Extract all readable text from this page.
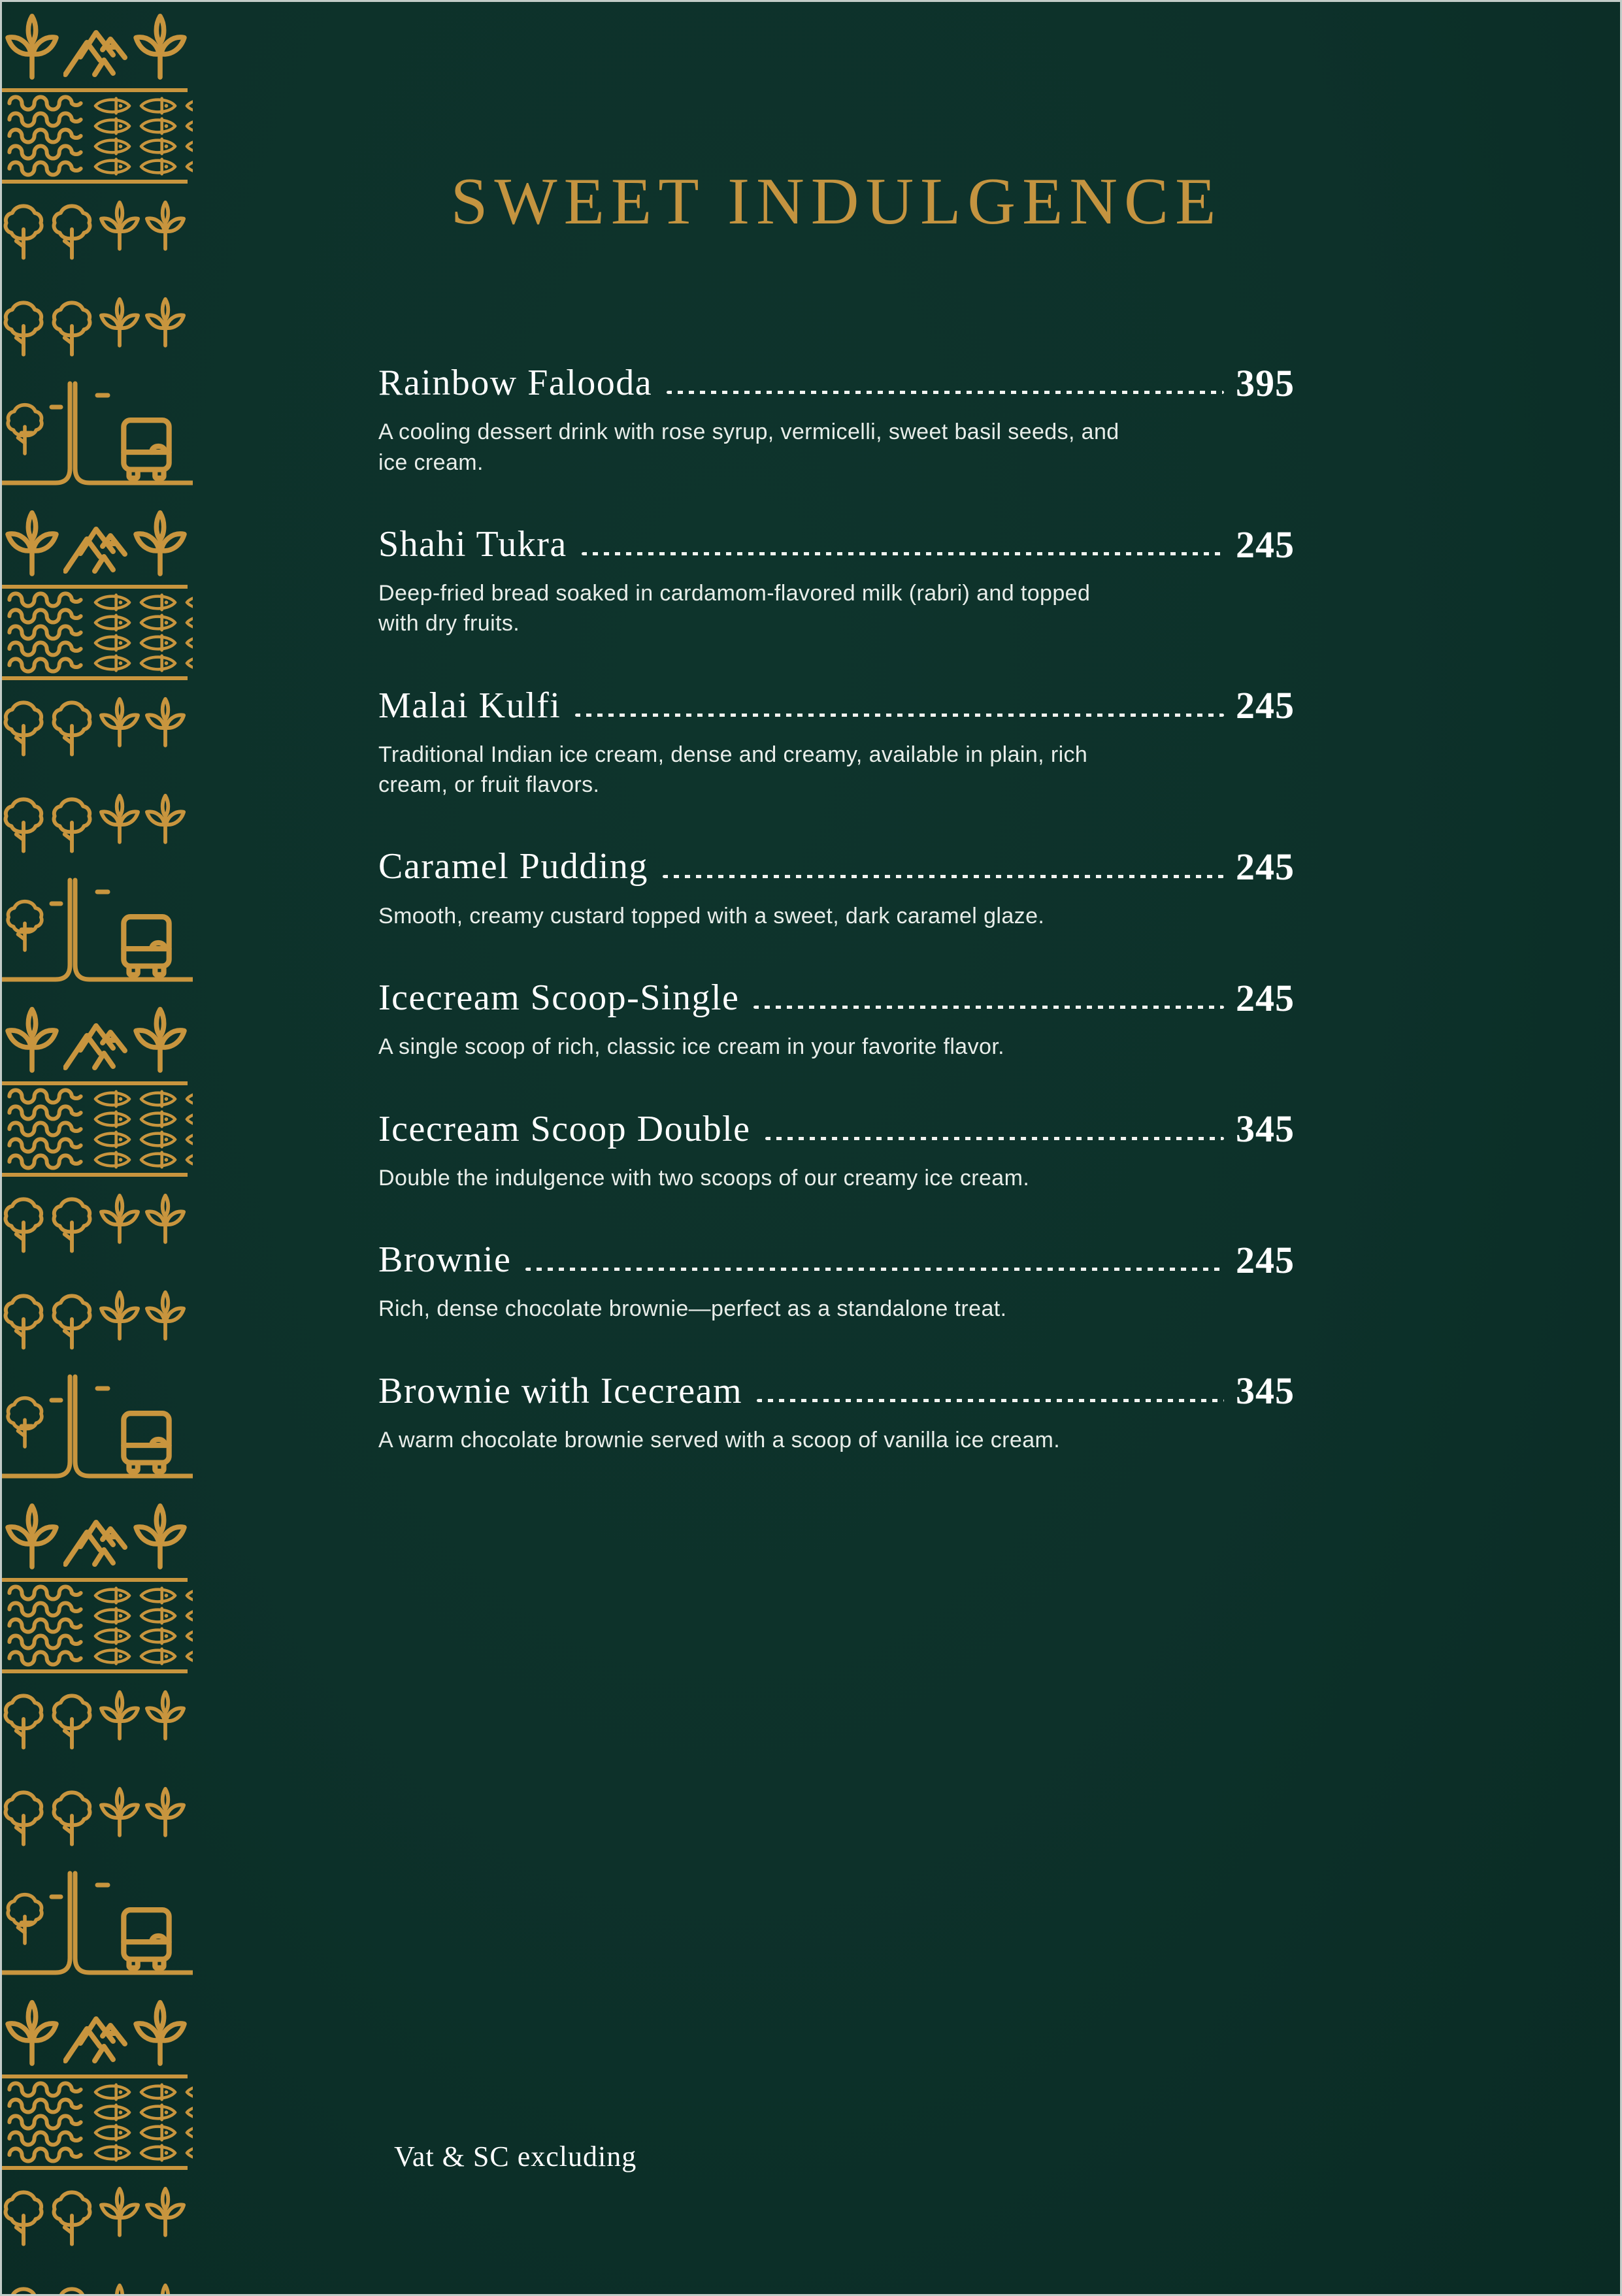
SWEET INDULGENCE
Rainbow Falooda	395

A cooling dessert drink with rose syrup, vermicelli, sweet basil seeds, and ice cream.

Shahi Tukra	245

Deep-fried bread soaked in cardamom-flavored milk (rabri) and topped with dry fruits.

Malai Kulfi	245

Traditional Indian ice cream, dense and creamy, available in plain, rich cream, or fruit flavors.

Caramel Pudding	245

Smooth, creamy custard topped with a sweet, dark caramel glaze.

Icecream Scoop-Single	245

A single scoop of rich, classic ice cream in your favorite flavor.

Icecream Scoop Double	345

Double the indulgence with two scoops of our creamy ice cream.

Brownie	245

Rich, dense chocolate brownie—perfect as a standalone treat.

Brownie with Icecream	345

A warm chocolate brownie served with a scoop of vanilla ice cream.

Vat & SC excluding
